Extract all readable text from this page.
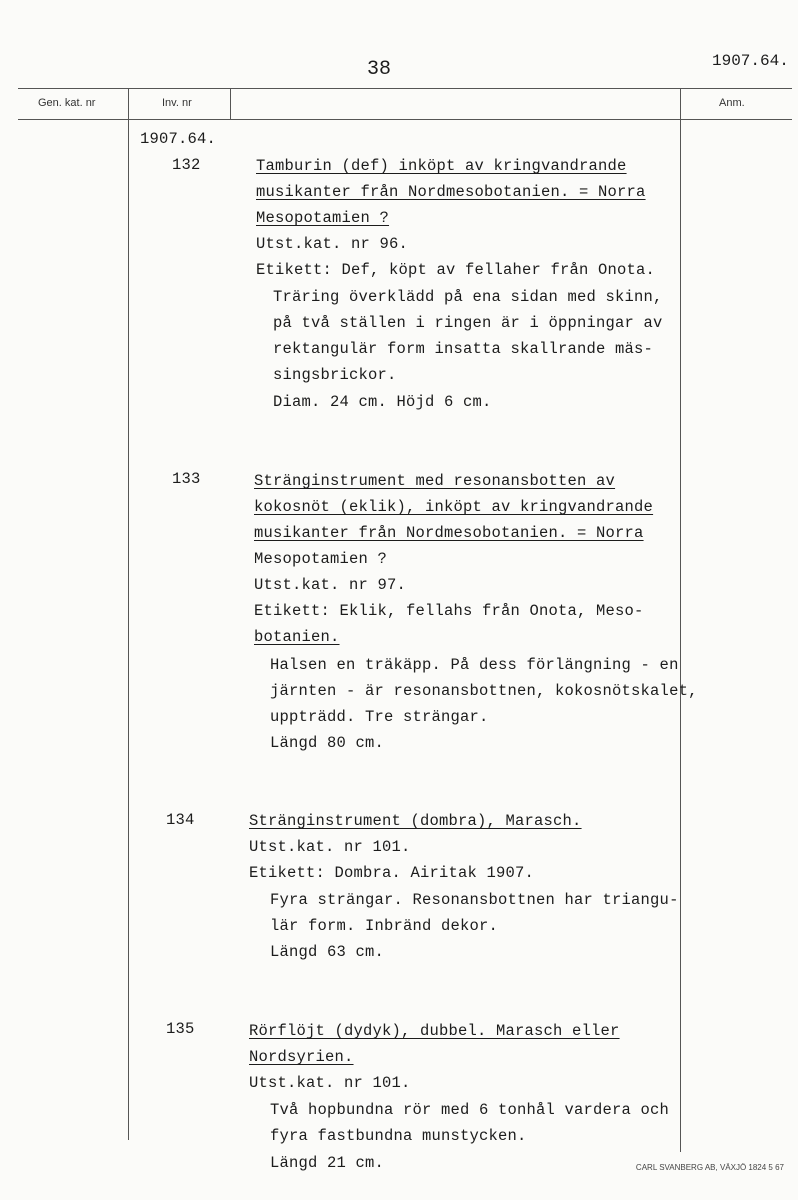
38	1907.64.
Gen. kat. nr	Inv. nr	Anm.
1907.64.
132	Tamburin (def) inköpt av kringvandrande
musikanter från Nordmesobotanien. = Norra
Mesopotamien ?
Utst.kat. nr 96.
Etikett: Def, köpt av fellaher från Onota.
Träring överklädd på ena sidan med skinn,
på två ställen i ringen är i öppningar av
rektangulär form insatta skallrande mäs-
singsbrickor.
Diam. 24 cm. Höjd 6 cm.
133	Stränginstrument med resonansbotten av
kokosnöt (eklik), inköpt av kringvandrande
musikanter från Nordmesobotanien. = Norra
Mesopotamien ?
Utst.kat. nr 97.
Etikett: Eklik, fellahs från Onota, Meso-
botanien.
Halsen en träkäpp. På dess förlängning - en
järnten - är resonansbottnen, kokosnötskalet,
uppträdd. Tre strängar.
Längd 80 cm.
134	Stränginstrument (dombra), Marasch.
Utst.kat. nr 101.
Etikett: Dombra. Airitak 1907.
Fyra strängar. Resonansbottnen har triangu-
lär form. Inbränd dekor.
Längd 63 cm.
135	Rörflöjt (dydyk), dubbel. Marasch eller
Nordsyrien.
Utst.kat. nr 101.
Två hopbundna rör med 6 tonhål vardera och
fyra fastbundna munstycken.
Längd 21 cm.	CARL SVANBERG AB, VÄXJÖ 1824 5 67
